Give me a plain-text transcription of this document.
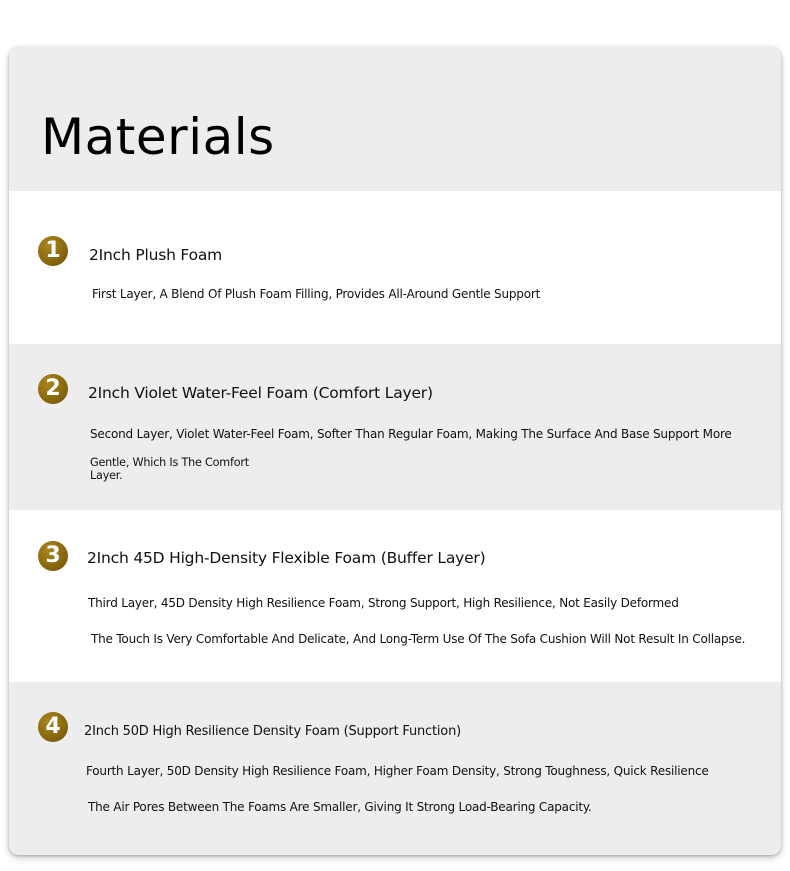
Materials
1	2Inch Plush Foam

First Layer, A Blend Of Plush Foam Filling, Provides All-Around Gentle Support

2	2Inch Violet Water-Feel Foam (Comfort Layer)

Second Layer, Violet Water-Feel Foam, Softer Than Regular Foam, Making The Surface And Base Support More

Gentle, Which Is The Comfort

Layer.

3	2Inch 45D High-Density Flexible Foam (Buffer Layer)

Third Layer, 45D Density High Resilience Foam, Strong Support, High Resilience, Not Easily Deformed

The Touch Is Very Comfortable And Delicate, And Long-Term Use Of The Sofa Cushion Will Not Result In Collapse.

4	2Inch 50D High Resilience Density Foam (Support Function)

Fourth Layer, 50D Density High Resilience Foam, Higher Foam Density, Strong Toughness, Quick Resilience

The Air Pores Between The Foams Are Smaller, Giving It Strong Load-Bearing Capacity.
